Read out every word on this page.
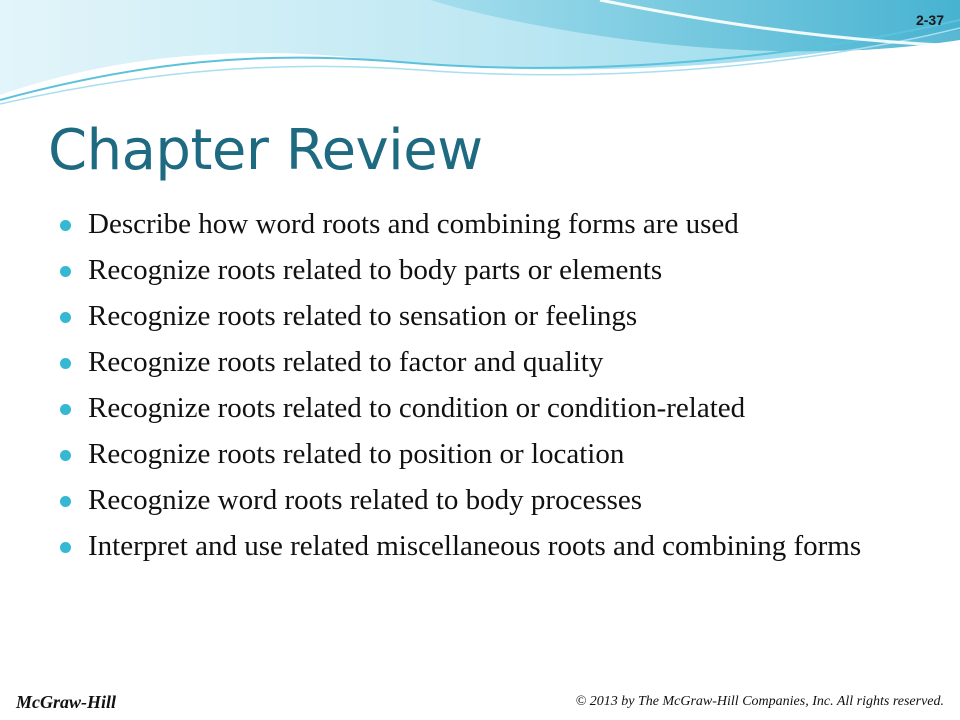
2-37
Chapter Review
Describe how word roots and combining forms are used
Recognize roots related to body parts or elements
Recognize roots related to sensation or feelings
Recognize roots related to factor and quality
Recognize roots related to condition or condition-related
Recognize roots related to position or location
Recognize word roots related to body processes
Interpret and use related miscellaneous roots and combining forms
McGraw-Hill	© 2013 by The McGraw-Hill Companies, Inc. All rights reserved.
